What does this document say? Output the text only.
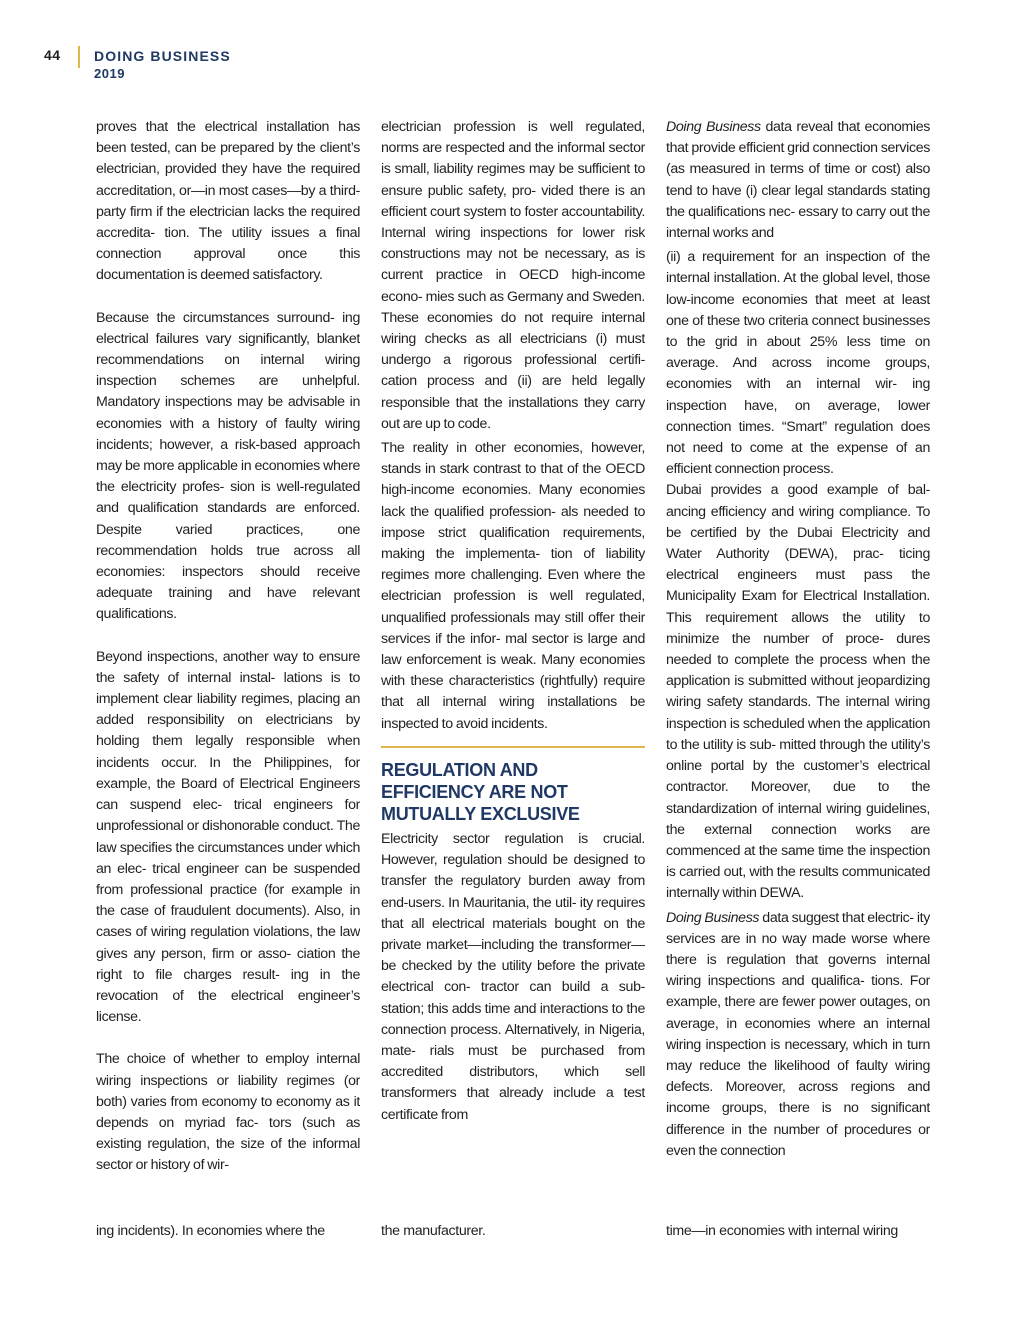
44 DOING BUSINESS
2019

proves that the electrical installation has been tested, can be prepared by the client’s electrician, provided they have the required accreditation, or—in most cases—by a third-party firm if the electrician lacks the required accredita- tion. The utility issues a final connection approval once this documentation is deemed satisfactory.

Because the circumstances surround- ing electrical failures vary significantly, blanket recommendations on internal wiring inspection schemes are unhelpful. Mandatory inspections may be advisable in economies with a history of faulty wiring incidents; however, a risk-based approach may be more applicable in economies where the electricity profes- sion is well-regulated and qualification standards are enforced. Despite varied practices, one recommendation holds true across all economies: inspectors should receive adequate training and have relevant qualifications.

Beyond inspections, another way to ensure the safety of internal instal- lations is to implement clear liability regimes, placing an added responsibility on electricians by holding them legally responsible when incidents occur. In the Philippines, for example, the Board of Electrical Engineers can suspend elec- trical engineers for unprofessional or dishonorable conduct. The law specifies the circumstances under which an elec- trical engineer can be suspended from professional practice (for example in the case of fraudulent documents). Also, in cases of wiring regulation violations, the law gives any person, firm or asso- ciation the right to file charges result- ing in the revocation of the electrical engineer’s license.

The choice of whether to employ internal wiring inspections or liability regimes (or both) varies from economy to economy as it depends on myriad fac- tors (such as existing regulation, the size of the informal sector or history of wir-

ing incidents). In economies where the

electrician profession is well regulated, norms are respected and the informal sector is small, liability regimes may be sufficient to ensure public safety, pro- vided there is an efficient court system to foster accountability. Internal wiring inspections for lower risk constructions may not be necessary, as is current practice in OECD high-income econo- mies such as Germany and Sweden. These economies do not require internal wiring checks as all electricians (i) must undergo a rigorous professional certifi- cation process and (ii) are held legally responsible that the installations they carry out are up to code.

The reality in other economies, however, stands in stark contrast to that of the OECD high-income economies. Many economies lack the qualified profession- als needed to impose strict qualification requirements, making the implementa- tion of liability regimes more challenging. Even where the electrician profession is well regulated, unqualified professionals may still offer their services if the infor- mal sector is large and law enforcement is weak. Many economies with these characteristics (rightfully) require that all internal wiring installations be inspected to avoid incidents.

REGULATION AND EFFICIENCY ARE NOT MUTUALLY EXCLUSIVE

Electricity sector regulation is crucial. However, regulation should be designed to transfer the regulatory burden away from end-users. In Mauritania, the util- ity requires that all electrical materials bought on the private market—including the transformer—be checked by the utility before the private electrical con- tractor can build a sub- station; this adds time and interactions to the connection process. Alternatively, in Nigeria, mate- rials must be purchased from accredited distributors, which sell transformers that already include a test certificate from

the manufacturer.

Doing Business data reveal that economies that provide efficient grid connection services (as measured in terms of time or cost) also tend to have (i) clear legal standards stating the qualifications nec- essary to carry out the internal works and

(ii) a requirement for an inspection of the internal installation. At the global level, those low-income economies that meet at least one of these two criteria connect businesses to the grid in about 25% less time on average. And across income groups, economies with an internal wir- ing inspection have, on average, lower connection times. “Smart” regulation does not need to come at the expense of an efficient connection process.

Dubai provides a good example of bal- ancing efficiency and wiring compliance. To be certified by the Dubai Electricity and Water Authority (DEWA), prac- ticing electrical engineers must pass the Municipality Exam for Electrical Installation. This requirement allows the utility to minimize the number of proce- dures needed to complete the process when the application is submitted without jeopardizing wiring safety standards. The internal wiring inspection is scheduled when the application to the utility is sub- mitted through the utility’s online portal by the customer’s electrical contractor. Moreover, due to the standardization of internal wiring guidelines, the external connection works are commenced at the same time the inspection is carried out, with the results communicated internally within DEWA.

Doing Business data suggest that electric- ity services are in no way made worse where there is regulation that governs internal wiring inspections and qualifica- tions. For example, there are fewer power outages, on average, in economies where an internal wiring inspection is necessary, which in turn may reduce the likelihood of faulty wiring defects. Moreover, across regions and income groups, there is no significant difference in the number of procedures or even the connection

time—in economies with internal wiring
